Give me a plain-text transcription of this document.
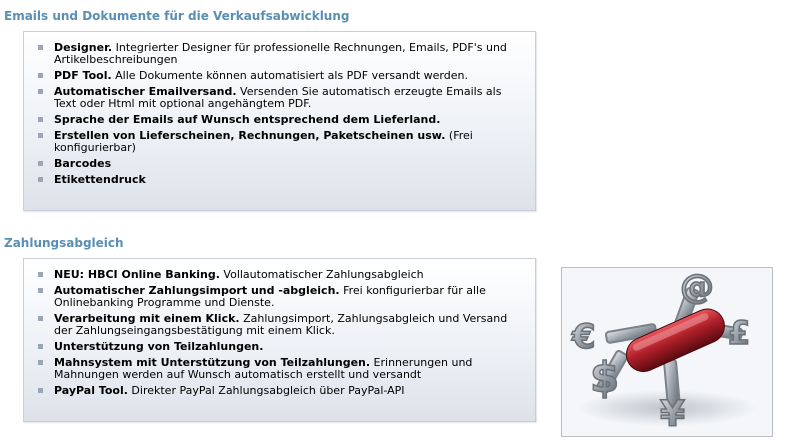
Emails und Dokumente für die Verkaufsabwicklung
Designer. Integrierter Designer für professionelle Rechnungen, Emails, PDF's und Artikelbeschreibungen
PDF Tool. Alle Dokumente können automatisiert als PDF versandt werden.
Automatischer Emailversand. Versenden Sie automatisch erzeugte Emails als Text oder Html mit optional angehängtem PDF.
Sprache der Emails auf Wunsch entsprechend dem Lieferland.
Erstellen von Lieferscheinen, Rechnungen, Paketscheinen usw. (Frei konfigurierbar)
Barcodes
Etikettendruck
Zahlungsabgleich
NEU: HBCI Online Banking. Vollautomatischer Zahlungsabgleich
Automatischer Zahlungsimport und -abgleich. Frei konfigurierbar für alle Onlinebanking Programme und Dienste.
Verarbeitung mit einem Klick. Zahlungsimport, Zahlungsabgleich und Versand der Zahlungseingangsbestätigung mit einem Klick.
Unterstützung von Teilzahlungen.
Mahnsystem mit Unterstützung von Teilzahlungen. Erinnerungen und Mahnungen werden auf Wunsch automatisch erstellt und versandt
PayPal Tool. Direkter PayPal Zahlungsabgleich über PayPal-API
@
€
$
£
¥
